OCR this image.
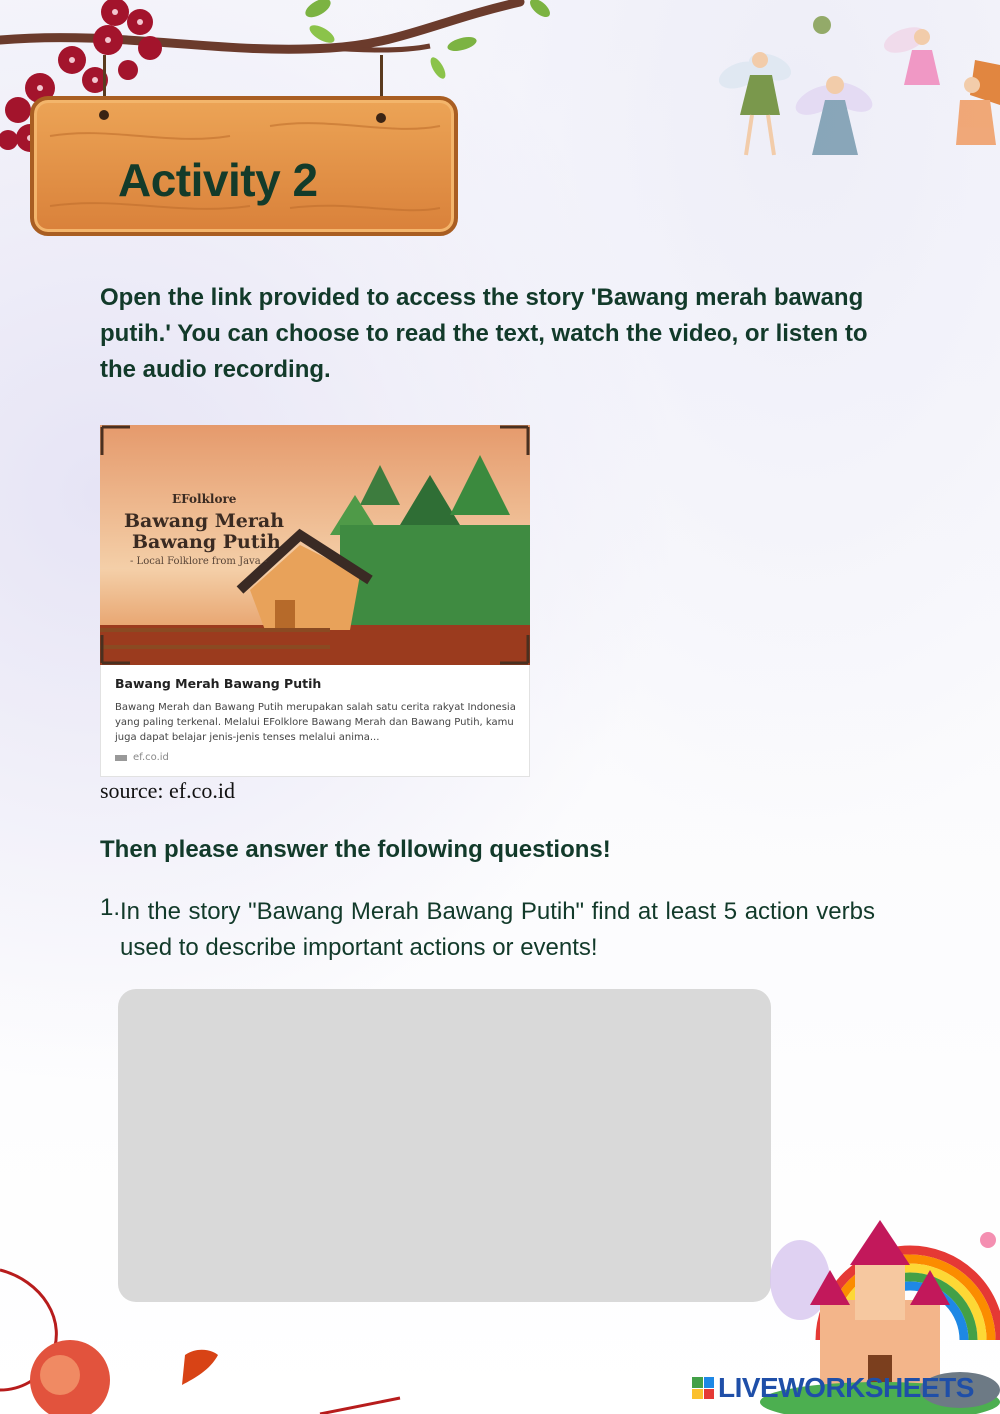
Activity 2
Open the link provided to access the story 'Bawang merah bawang putih.' You can choose to read the text, watch the video, or listen to the audio recording.
EFolklore
Bawang Merah
Bawang Putih
- Local Folklore from Java -
Bawang Merah Bawang Putih
Bawang Merah dan Bawang Putih merupakan salah satu cerita rakyat Indonesia yang paling terkenal. Melalui EFolklore Bawang Merah dan Bawang Putih, kamu juga dapat belajar jenis-jenis tenses melalui anima...
ef.co.id
source: ef.co.id
Then please answer the following questions!
1. In the story "Bawang Merah Bawang Putih" find at least 5 action verbs used to describe important actions or events!
LIVEWORKSHEETS
